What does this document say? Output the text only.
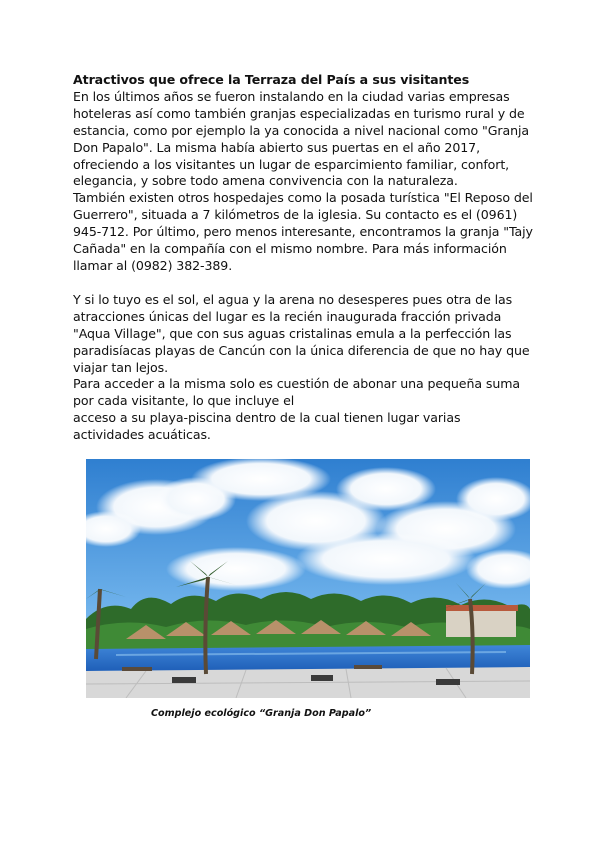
Atractivos que ofrece la Terraza del País a sus visitantes

En los últimos años se fueron instalando en la ciudad varias empresas hoteleras así como también granjas especializadas en turismo rural y de estancia, como por ejemplo la ya conocida a nivel nacional como "Granja Don Papalo". La misma había abierto sus puertas en el año 2017, ofreciendo a los visitantes un lugar de esparcimiento familiar, confort, elegancia, y sobre todo amena convivencia con la naturaleza.

También existen otros hospedajes como la posada turística "El Reposo del Guerrero", situada a 7 kilómetros de la iglesia. Su contacto es el (0961) 945-712. Por último, pero menos interesante, encontramos la granja "Tajy Cañada" en la compañía con el mismo nombre. Para más información llamar al (0982) 382-389.

Y si lo tuyo es el sol, el agua y la arena no desesperes pues otra de las atracciones únicas del lugar es la recién inaugurada fracción privada "Aqua Village", que con sus aguas cristalinas emula a la perfección las paradisíacas playas de Cancún con la única diferencia de que no hay que viajar tan lejos.

Para acceder a la misma solo es cuestión de abonar una pequeña suma por cada visitante, lo que incluye el

acceso a su playa-piscina dentro de la cual tienen lugar varias actividades acuáticas.

Complejo ecológico “Granja Don Papalo”
